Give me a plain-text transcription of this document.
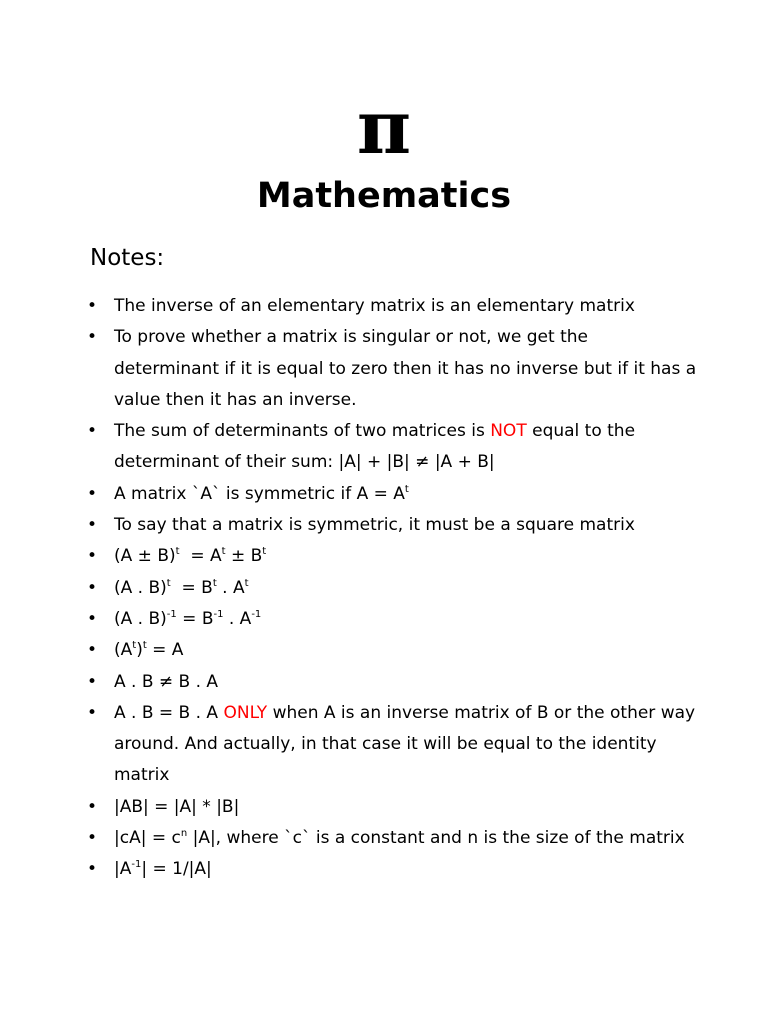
π
Mathematics
Notes:
• The inverse of an elementary matrix is an elementary matrix
• To prove whether a matrix is singular or not, we get the determinant if it is equal to zero then it has no inverse but if it has a value then it has an inverse.
• The sum of determinants of two matrices is NOT equal to the determinant of their sum: |A| + |B| ≠ |A + B|
• A matrix `A` is symmetric if $A = A^t$
• To say that a matrix is symmetric, it must be a square matrix
• $(A \pm B)^t = A^t \pm B^t$
• (A . $B)^t = B^t$ . $A^t$
• (A . $B)^{-1} = B^{-1}$ . $A^{-1}$
• $(A^t)^t = A$
• A . B ≠ B . A
• A . B = B . A ONLY when A is an inverse matrix of B or the other way around. And actually, in that case it will be equal to the identity matrix
• |AB| = |A| * |B|
• $|cA| = c^n$ |A|, where `c` is a constant and n is the size of the matrix
• $|A^{-1}| = 1/|A|$
